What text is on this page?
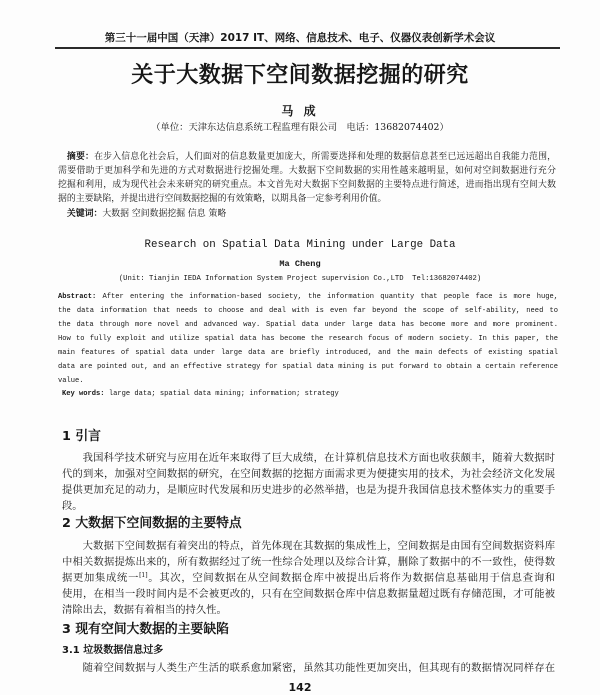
第三十一届中国（天津）2017 IT、网络、信息技术、电子、仪器仪表创新学术会议
关于大数据下空间数据挖掘的研究
马 成
（单位：天津东达信息系统工程监理有限公司　电话：13682074402）
摘要：在步入信息化社会后，人们面对的信息数量更加庞大，所需要选择和处理的数据信息甚至已远远超出自我能力范围，
需要借助于更加科学和先进的方式对数据进行挖掘处理。大数据下空间数据的实用性越来越明显，如何对空间数据进行充分
挖掘和利用，成为现代社会未来研究的研究重点。本文首先对大数据下空间数据的主要特点进行简述，进而指出现有空间大数
据的主要缺陷，并提出进行空间数据挖掘的有效策略，以期具备一定参考利用价值。
关键词：大数据 空间数据挖掘 信息 策略
Research on Spatial Data Mining under Large Data
Ma Cheng
(Unit: Tianjin IEDA Information System Project supervision Co.,LTD  Tel:13682074402)
Abstract: After entering the information-based society, the information quantity that people face is more huge,
the data information that needs to choose and deal with is even far beyond the scope of self-ability, need to
the data through more novel and advanced way. Spatial data under large data has become more and more prominent.
How to fully exploit and utilize spatial data has become the research focus of modern society. In this paper, the
main features of spatial data under large data are briefly introduced, and the main defects of existing spatial
data are pointed out, and an effective strategy for spatial data mining is put forward to obtain a certain reference
value.
Key words: large data; spatial data mining; information; strategy
1 引言
我国科学技术研究与应用在近年来取得了巨大成绩，在计算机信息技术方面也收获颇丰，随着大数据时
代的到来，加强对空间数据的研究，在空间数据的挖掘方面需求更为便捷实用的技术，为社会经济文化发展
提供更加充足的动力，是顺应时代发展和历史进步的必然举措，也是为提升我国信息技术整体实力的重要手
段。
2 大数据下空间数据的主要特点
大数据下空间数据有着突出的特点，首先体现在其数据的集成性上，空间数据是由国有空间数据资料库
中相关数据提炼出来的，所有数据经过了统一性综合处理以及综合计算，删除了数据中的不一致性，使得数
据更加集成统一[1]。其次，空间数据在从空间数据仓库中被提出后将作为数据信息基础用于信息查询和
使用，在相当一段时间内是不会被更改的，只有在空间数据仓库中信息数据量超过既有存储范围，才可能被
清除出去，数据有着相当的持久性。
3 现有空间大数据的主要缺陷
3.1 垃圾数据信息过多
随着空间数据与人类生产生活的联系愈加紧密，虽然其功能性更加突出，但其现有的数据情况同样存在
142
